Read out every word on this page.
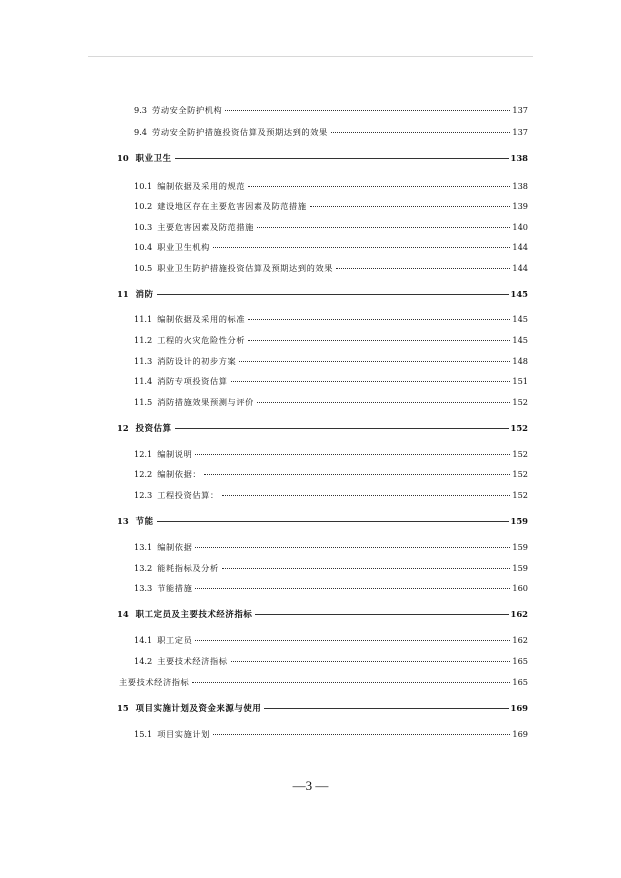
9.3 劳动安全防护机构	137
9.4 劳动安全防护措施投资估算及预期达到的效果	137
10 职业卫生	138
10.1 编制依据及采用的规范	138
10.2 建设地区存在主要危害因素及防范措施	139
10.3 主要危害因素及防范措施	140
10.4 职业卫生机构	144
10.5 职业卫生防护措施投资估算及预期达到的效果	144
11 消防	145
11.1 编制依据及采用的标准	145
11.2 工程的火灾危险性分析	145
11.3 消防设计的初步方案	148
11.4 消防专项投资估算	151
11.5 消防措施效果预测与评价	152
12 投资估算	152
12.1 编制说明	152
12.2 编制依据：	152
12.3 工程投资估算：	152
13 节能	159
13.1 编制依据	159
13.2 能耗指标及分析	159
13.3 节能措施	160
14 职工定员及主要技术经济指标	162
14.1 职工定员	162
14.2 主要技术经济指标	165
主要技术经济指标	165
15 项目实施计划及资金来源与使用	169
15.1 项目实施计划	169
—3 —
